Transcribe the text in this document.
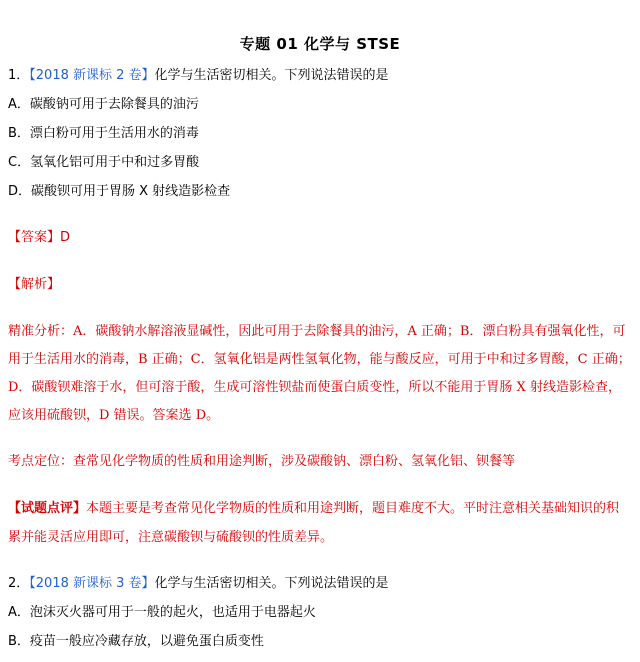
专题 01 化学与 STSE
1．【2018 新课标 2 卷】化学与生活密切相关。下列说法错误的是
A．碳酸钠可用于去除餐具的油污
B．漂白粉可用于生活用水的消毒
C．氢氧化铝可用于中和过多胃酸
D．碳酸钡可用于胃肠 X 射线造影检查
【答案】D
【解析】
精准分析：A．碳酸钠水解溶液显碱性，因此可用于去除餐具的油污，A 正确；B．漂白粉具有强氧化性，可用于生活用水的消毒，B 正确；C．氢氧化铝是两性氢氧化物，能与酸反应，可用于中和过多胃酸，C 正确；D．碳酸钡难溶于水，但可溶于酸，生成可溶性钡盐而使蛋白质变性，所以不能用于胃肠 X 射线造影检查，应该用硫酸钡，D 错误。答案选 D。
考点定位：查常见化学物质的性质和用途判断，涉及碳酸钠、漂白粉、氢氧化铝、钡餐等
【试题点评】本题主要是考查常见化学物质的性质和用途判断，题目难度不大。平时注意相关基础知识的积累并能灵活应用即可，注意碳酸钡与硫酸钡的性质差异。
2．【2018 新课标 3 卷】化学与生活密切相关。下列说法错误的是
A．泡沫灭火器可用于一般的起火，也适用于电器起火
B．疫苗一般应冷藏存放，以避免蛋白质变性
